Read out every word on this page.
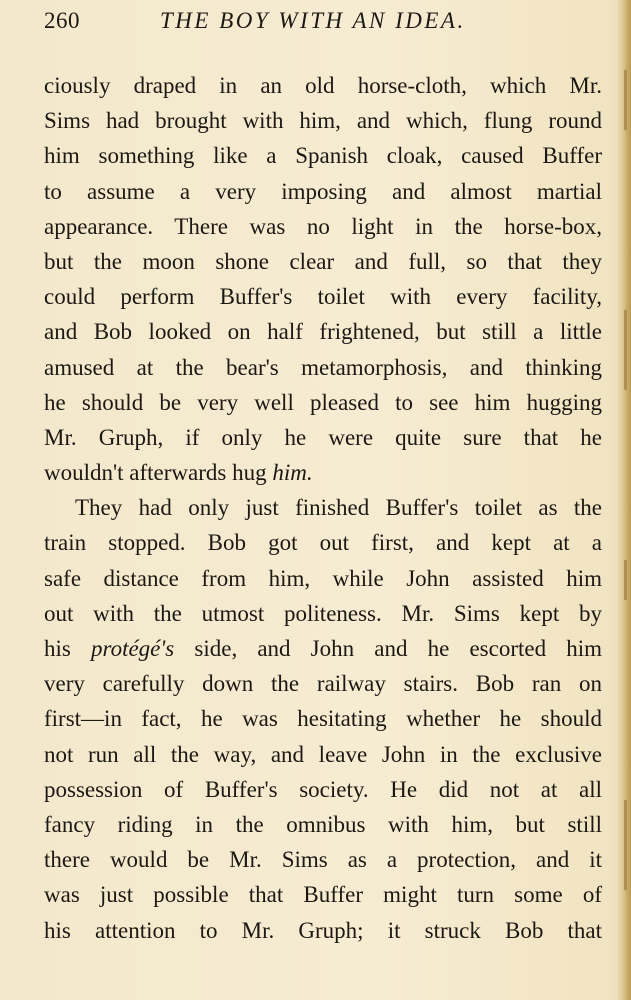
260	THE BOY WITH AN IDEA.
ciously draped in an old horse-cloth, which Mr.
Sims had brought with him, and which, flung round
him something like a Spanish cloak, caused Buffer
to assume a very imposing and almost martial
appearance. There was no light in the horse-box,
but the moon shone clear and full, so that they
could perform Buffer's toilet with every facility,
and Bob looked on half frightened, but still a little
amused at the bear's metamorphosis, and thinking
he should be very well pleased to see him hugging
Mr. Gruph, if only he were quite sure that he
wouldn't afterwards hug him.
They had only just finished Buffer's toilet as the
train stopped. Bob got out first, and kept at a
safe distance from him, while John assisted him
out with the utmost politeness. Mr. Sims kept by
his protégé's side, and John and he escorted him
very carefully down the railway stairs. Bob ran on
first—in fact, he was hesitating whether he should
not run all the way, and leave John in the exclusive
possession of Buffer's society. He did not at all
fancy riding in the omnibus with him, but still
there would be Mr. Sims as a protection, and it
was just possible that Buffer might turn some of
his attention to Mr. Gruph; it struck Bob that
